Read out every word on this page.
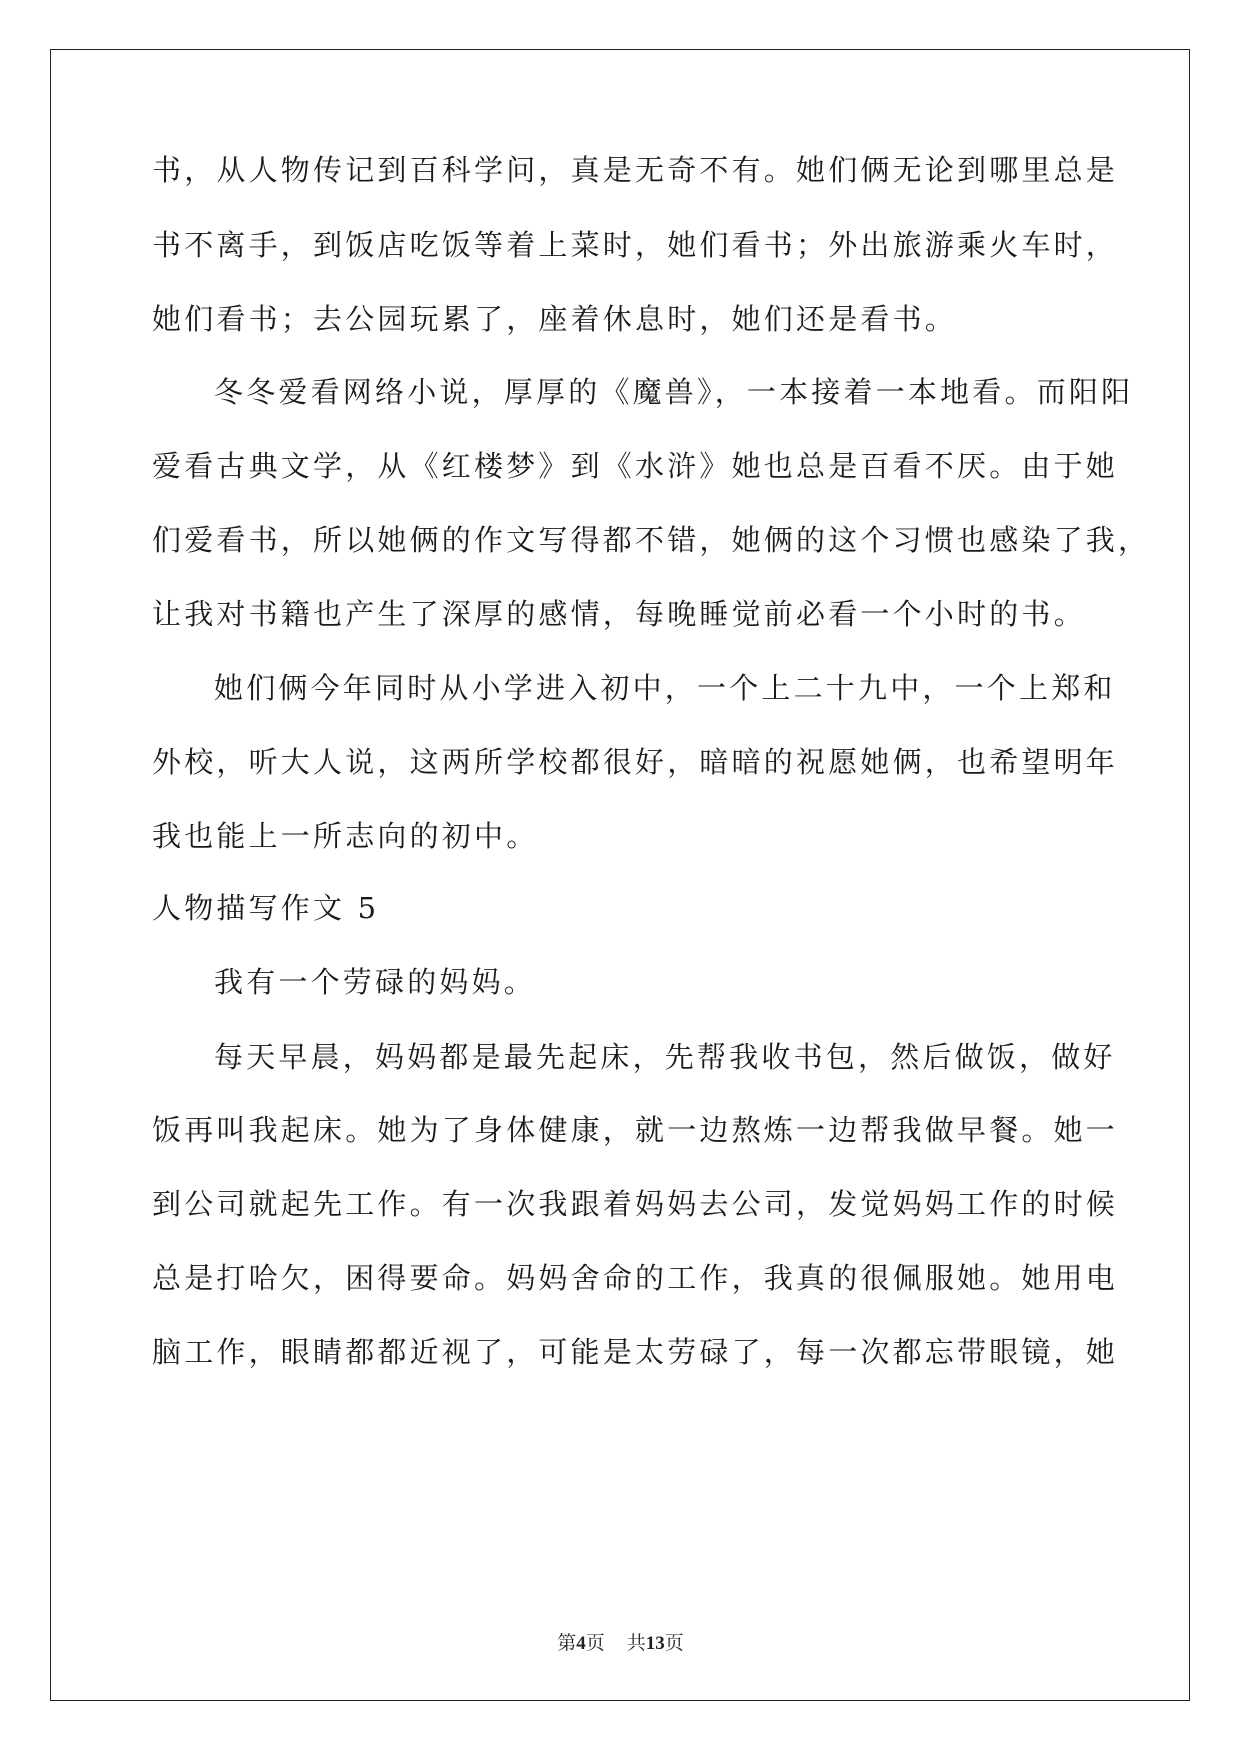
书，从人物传记到百科学问，真是无奇不有。她们俩无论到哪里总是
书不离手，到饭店吃饭等着上菜时，她们看书；外出旅游乘火车时，
她们看书；去公园玩累了，座着休息时，她们还是看书。
冬冬爱看网络小说，厚厚的《魔兽》，一本接着一本地看。而阳阳
爱看古典文学，从《红楼梦》到《水浒》她也总是百看不厌。由于她
们爱看书，所以她俩的作文写得都不错，她俩的这个习惯也感染了我，
让我对书籍也产生了深厚的感情，每晚睡觉前必看一个小时的书。
她们俩今年同时从小学进入初中，一个上二十九中，一个上郑和
外校，听大人说，这两所学校都很好，暗暗的祝愿她俩，也希望明年
我也能上一所志向的初中。
人物描写作文 5
我有一个劳碌的妈妈。
每天早晨，妈妈都是最先起床，先帮我收书包，然后做饭，做好
饭再叫我起床。她为了身体健康，就一边熬炼一边帮我做早餐。她一
到公司就起先工作。有一次我跟着妈妈去公司，发觉妈妈工作的时候
总是打哈欠，困得要命。妈妈舍命的工作，我真的很佩服她。她用电
脑工作，眼睛都都近视了，可能是太劳碌了，每一次都忘带眼镜，她
第4页 共13页
